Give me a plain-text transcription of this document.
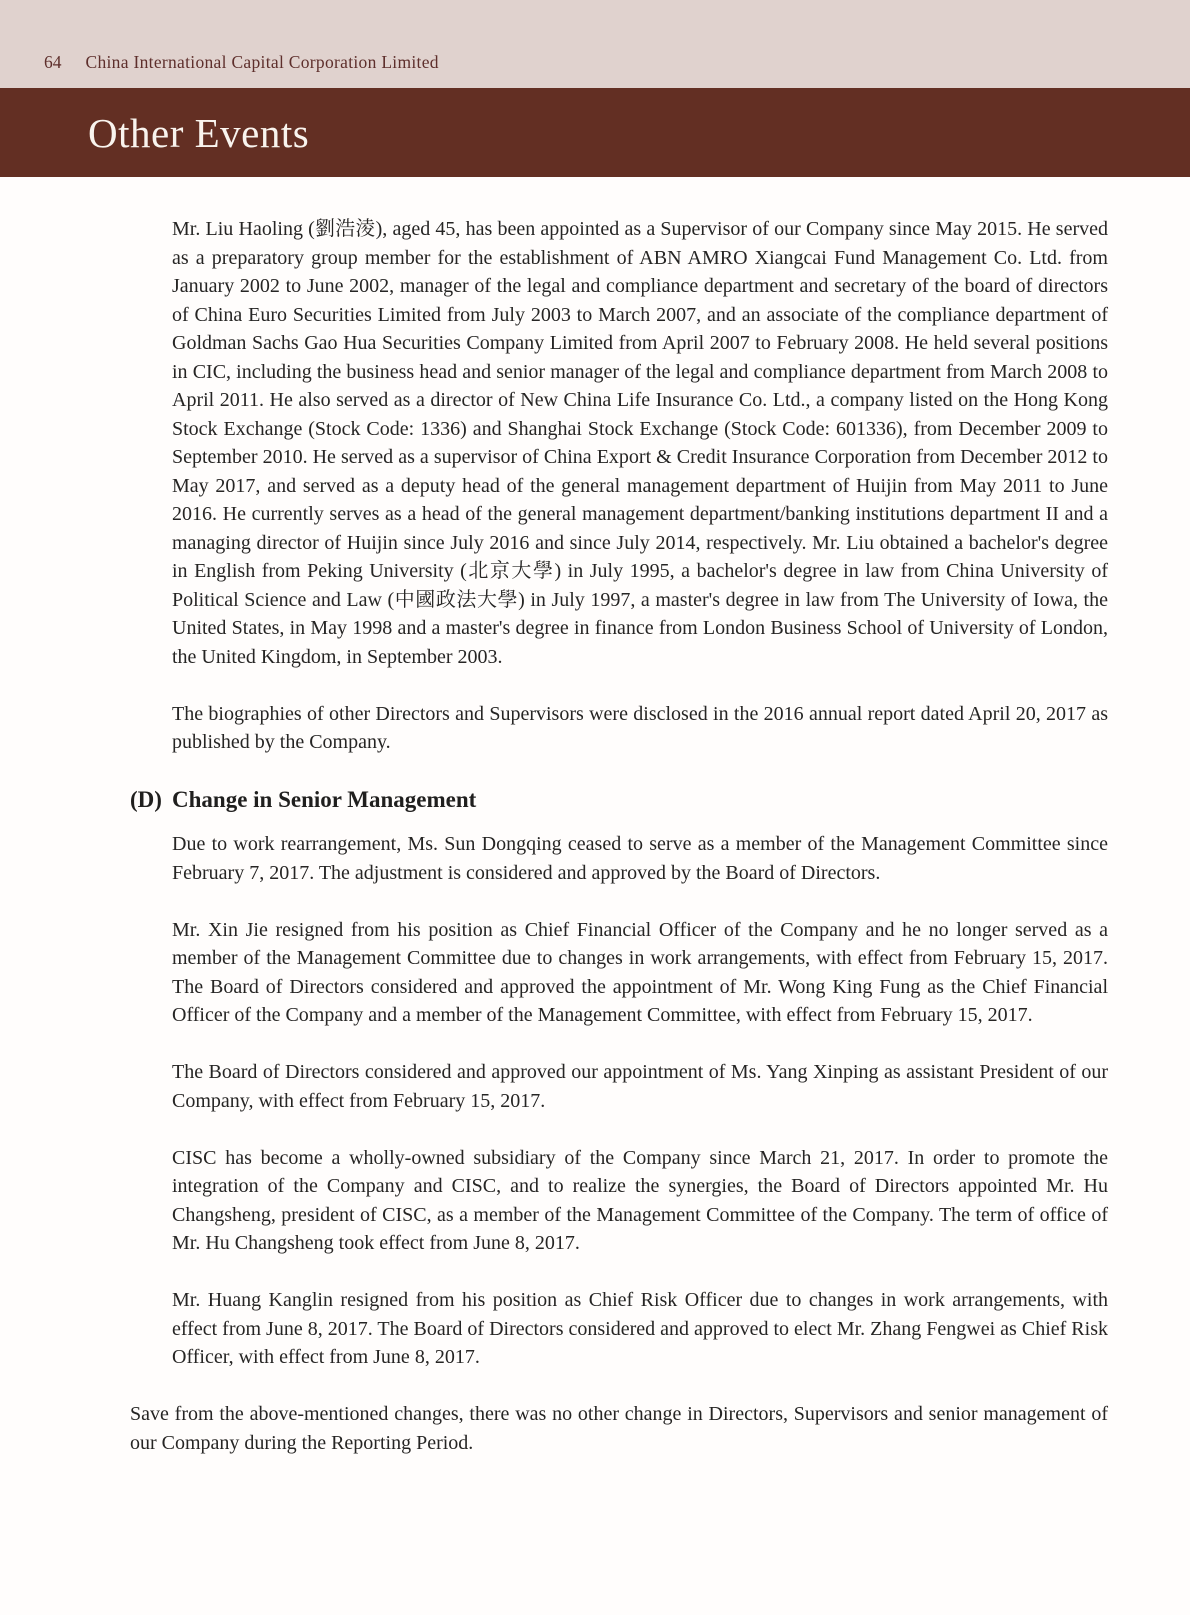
64 China International Capital Corporation Limited
Other Events

Mr. Liu Haoling (劉浩淩), aged 45, has been appointed as a Supervisor of our Company since May 2015. He served as a preparatory group member for the establishment of ABN AMRO Xiangcai Fund Management Co. Ltd. from January 2002 to June 2002, manager of the legal and compliance department and secretary of the board of directors of China Euro Securities Limited from July 2003 to March 2007, and an associate of the compliance department of Goldman Sachs Gao Hua Securities Company Limited from April 2007 to February 2008. He held several positions in CIC, including the business head and senior manager of the legal and compliance department from March 2008 to April 2011. He also served as a director of New China Life Insurance Co. Ltd., a company listed on the Hong Kong Stock Exchange (Stock Code: 1336) and Shanghai Stock Exchange (Stock Code: 601336), from December 2009 to September 2010. He served as a supervisor of China Export & Credit Insurance Corporation from December 2012 to May 2017, and served as a deputy head of the general management department of Huijin from May 2011 to June 2016. He currently serves as a head of the general management department/banking institutions department II and a managing director of Huijin since July 2016 and since July 2014, respectively. Mr. Liu obtained a bachelor's degree in English from Peking University (北京大學) in July 1995, a bachelor's degree in law from China University of Political Science and Law (中國政法大學) in July 1997, a master's degree in law from The University of Iowa, the United States, in May 1998 and a master's degree in finance from London Business School of University of London, the United Kingdom, in September 2003.

The biographies of other Directors and Supervisors were disclosed in the 2016 annual report dated April 20, 2017 as published by the Company.

(D) Change in Senior Management

Due to work rearrangement, Ms. Sun Dongqing ceased to serve as a member of the Management Committee since February 7, 2017. The adjustment is considered and approved by the Board of Directors.

Mr. Xin Jie resigned from his position as Chief Financial Officer of the Company and he no longer served as a member of the Management Committee due to changes in work arrangements, with effect from February 15, 2017. The Board of Directors considered and approved the appointment of Mr. Wong King Fung as the Chief Financial Officer of the Company and a member of the Management Committee, with effect from February 15, 2017.

The Board of Directors considered and approved our appointment of Ms. Yang Xinping as assistant President of our Company, with effect from February 15, 2017.

CISC has become a wholly-owned subsidiary of the Company since March 21, 2017. In order to promote the integration of the Company and CISC, and to realize the synergies, the Board of Directors appointed Mr. Hu Changsheng, president of CISC, as a member of the Management Committee of the Company. The term of office of Mr. Hu Changsheng took effect from June 8, 2017.

Mr. Huang Kanglin resigned from his position as Chief Risk Officer due to changes in work arrangements, with effect from June 8, 2017. The Board of Directors considered and approved to elect Mr. Zhang Fengwei as Chief Risk Officer, with effect from June 8, 2017.

Save from the above-mentioned changes, there was no other change in Directors, Supervisors and senior management of our Company during the Reporting Period.
